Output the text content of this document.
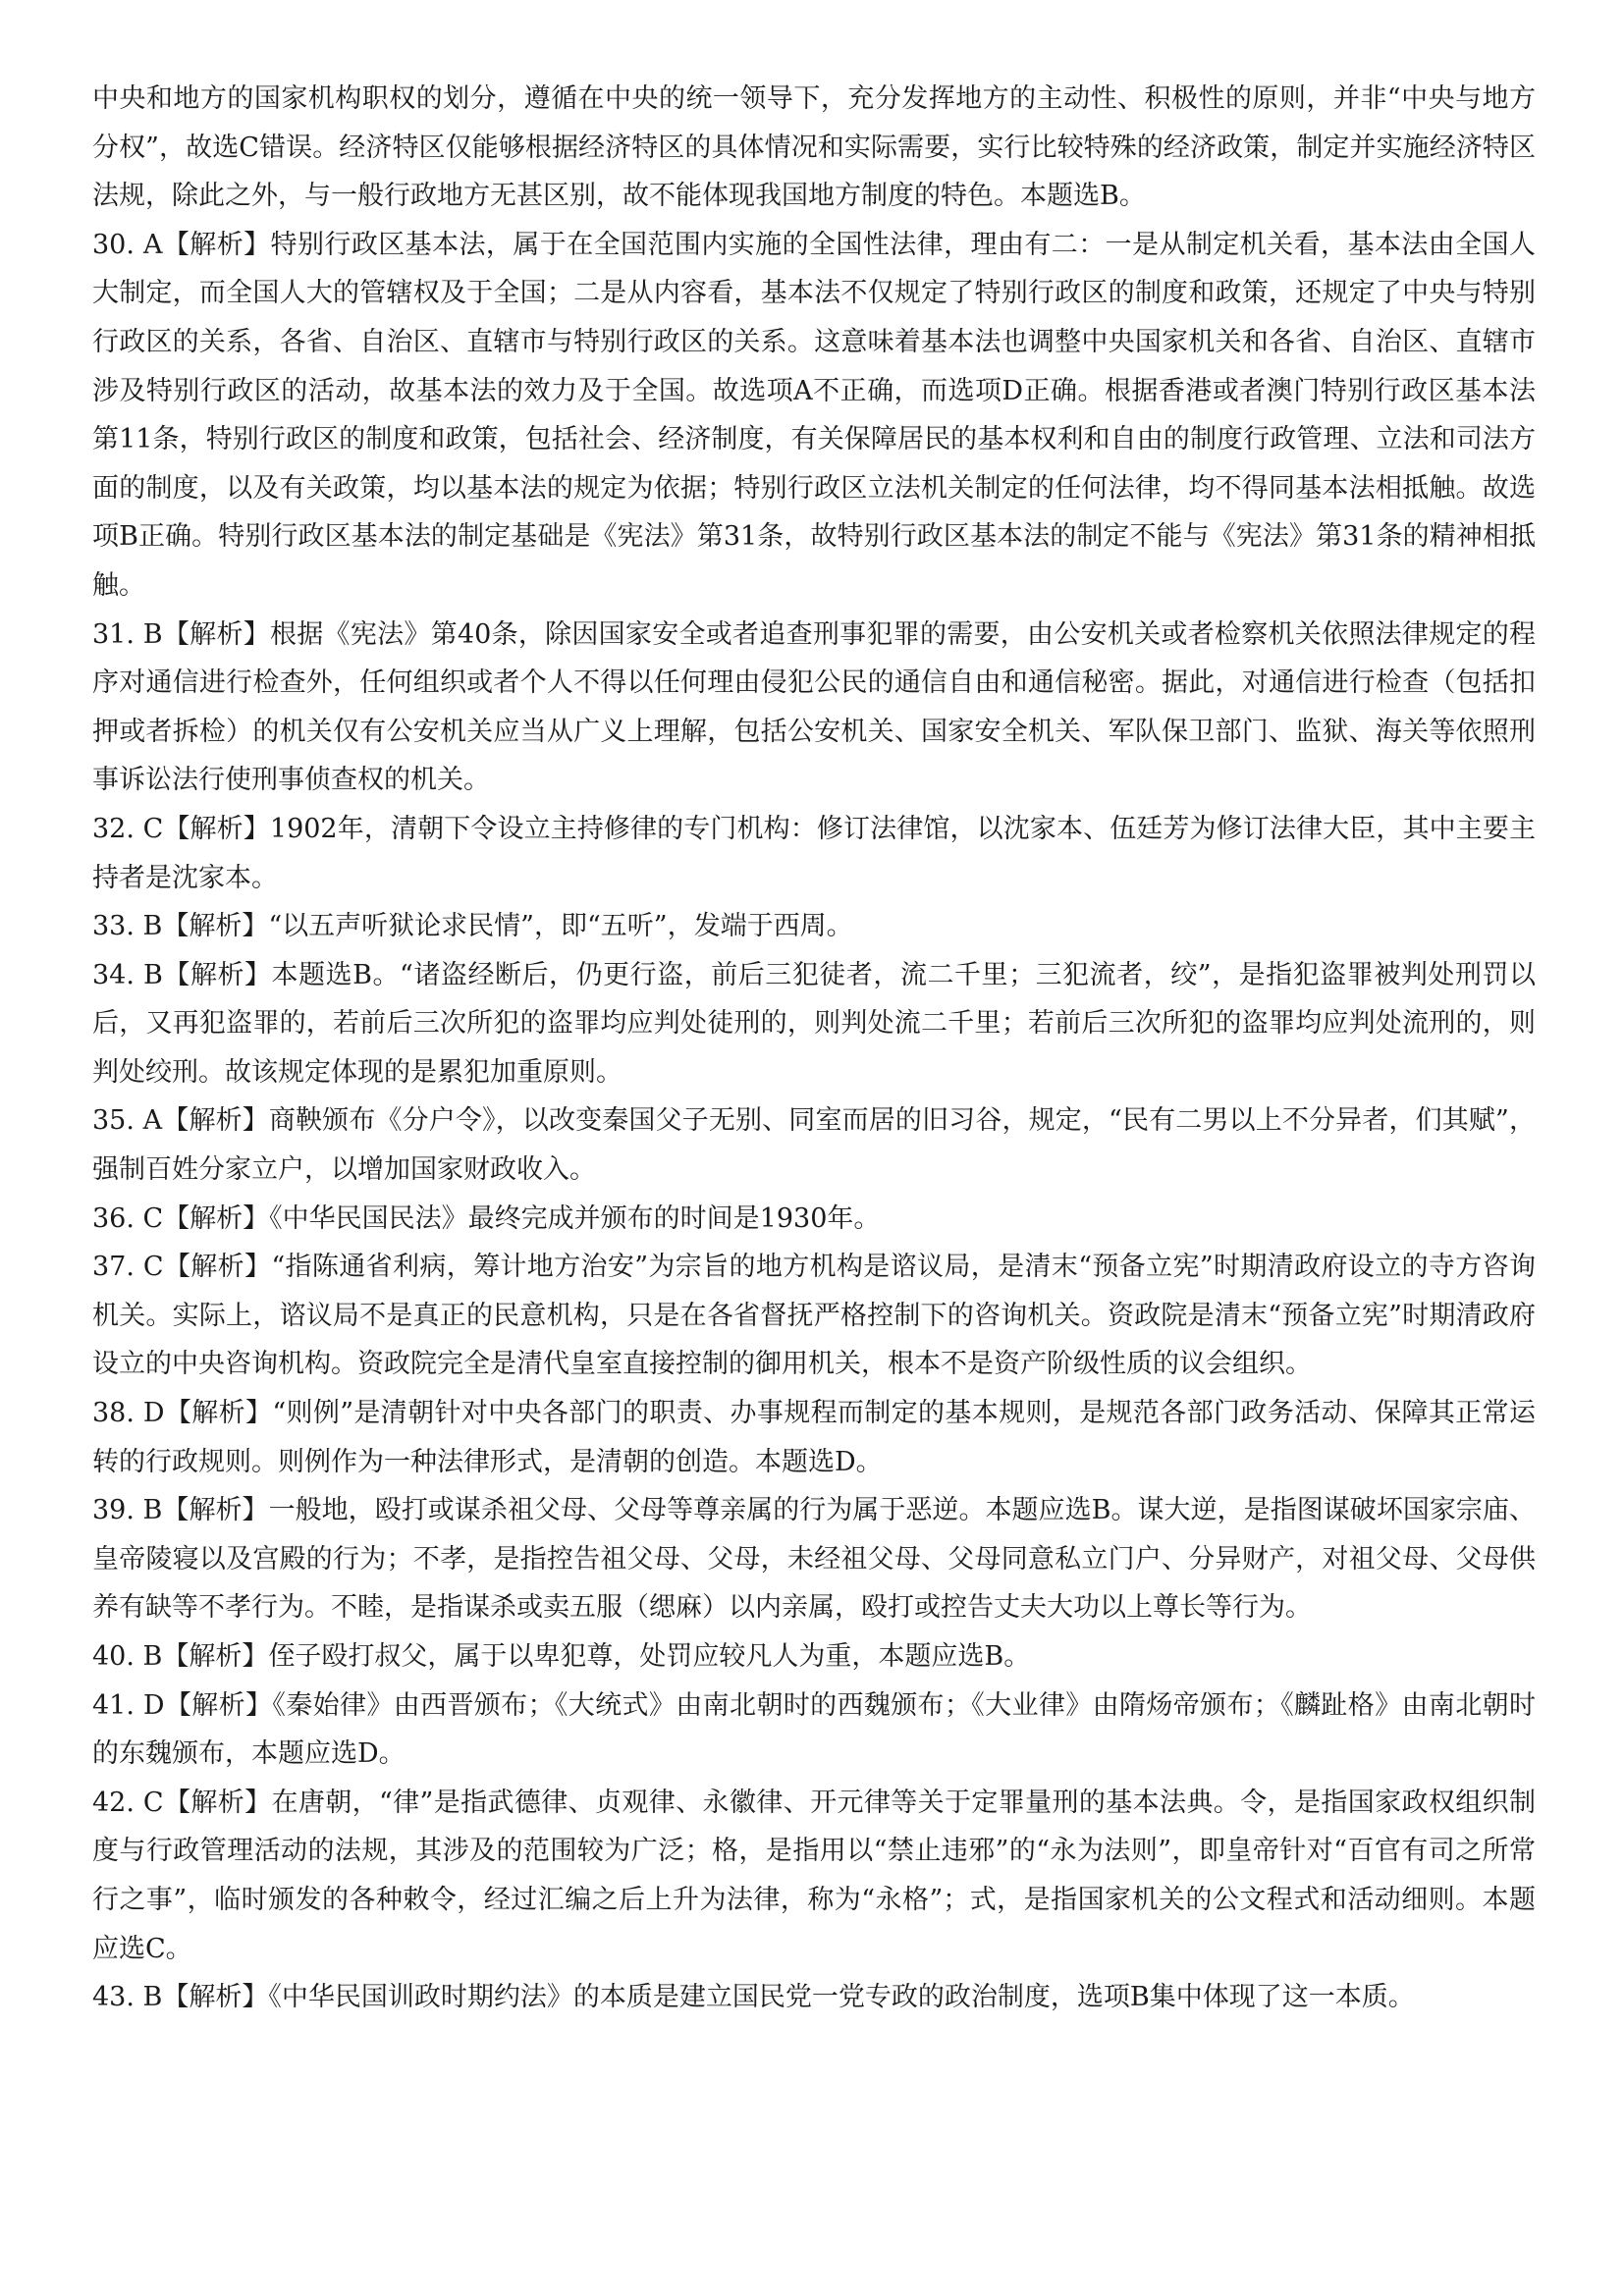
中央和地方的国家机构职权的划分，遵循在中央的统一领导下，充分发挥地方的主动性、积极性的原则，并非“中央与地方分权”，故选C错误。经济特区仅能够根据经济特区的具体情况和实际需要，实行比较特殊的经济政策，制定并实施经济特区法规，除此之外，与一般行政地方无甚区别，故不能体现我国地方制度的特色。本题选B。

30. A【解析】特别行政区基本法，属于在全国范围内实施的全国性法律，理由有二：一是从制定机关看，基本法由全国人大制定，而全国人大的管辖权及于全国；二是从内容看，基本法不仅规定了特别行政区的制度和政策，还规定了中央与特别行政区的关系，各省、自治区、直辖市与特别行政区的关系。这意味着基本法也调整中央国家机关和各省、自治区、直辖市涉及特别行政区的活动，故基本法的效力及于全国。故选项A不正确，而选项D正确。根据香港或者澳门特别行政区基本法第11条，特别行政区的制度和政策，包括社会、经济制度，有关保障居民的基本权利和自由的制度行政管理、立法和司法方面的制度，以及有关政策，均以基本法的规定为依据；特别行政区立法机关制定的任何法律，均不得同基本法相抵触。故选项B正确。特别行政区基本法的制定基础是《宪法》第31条，故特别行政区基本法的制定不能与《宪法》第31条的精神相抵触。

31. B【解析】根据《宪法》第40条，除因国家安全或者追查刑事犯罪的需要，由公安机关或者检察机关依照法律规定的程序对通信进行检查外，任何组织或者个人不得以任何理由侵犯公民的通信自由和通信秘密。据此，对通信进行检查（包括扣押或者拆检）的机关仅有公安机关应当从广义上理解，包括公安机关、国家安全机关、军队保卫部门、监狱、海关等依照刑事诉讼法行使刑事侦查权的机关。

32. C【解析】1902年，清朝下令设立主持修律的专门机构：修订法律馆，以沈家本、伍廷芳为修订法律大臣，其中主要主持者是沈家本。

33. B【解析】“以五声听狱论求民情”，即“五听”，发端于西周。

34. B【解析】本题选B。“诸盗经断后，仍更行盗，前后三犯徒者，流二千里；三犯流者，绞”，是指犯盗罪被判处刑罚以后，又再犯盗罪的，若前后三次所犯的盗罪均应判处徒刑的，则判处流二千里；若前后三次所犯的盗罪均应判处流刑的，则判处绞刑。故该规定体现的是累犯加重原则。

35. A【解析】商鞅颁布《分户令》，以改变秦国父子无别、同室而居的旧习谷，规定，“民有二男以上不分异者，们其赋”，强制百姓分家立户，以增加国家财政收入。

36. C【解析】《中华民国民法》最终完成并颁布的时间是1930年。

37. C【解析】“指陈通省利病，筹计地方治安”为宗旨的地方机构是谘议局，是清末“预备立宪”时期清政府设立的寺方咨询机关。实际上，谘议局不是真正的民意机构，只是在各省督抚严格控制下的咨询机关。资政院是清末“预备立宪”时期清政府设立的中央咨询机构。资政院完全是清代皇室直接控制的御用机关，根本不是资产阶级性质的议会组织。

38. D【解析】“则例”是清朝针对中央各部门的职责、办事规程而制定的基本规则，是规范各部门政务活动、保障其正常运转的行政规则。则例作为一种法律形式，是清朝的创造。本题选D。

39. B【解析】一般地，殴打或谋杀祖父母、父母等尊亲属的行为属于恶逆。本题应选B。谋大逆，是指图谋破坏国家宗庙、皇帝陵寝以及宫殿的行为；不孝，是指控告祖父母、父母，未经祖父母、父母同意私立门户、分异财产，对祖父母、父母供养有缺等不孝行为。不睦，是指谋杀或卖五服（缌麻）以内亲属，殴打或控告丈夫大功以上尊长等行为。

40. B【解析】侄子殴打叔父，属于以卑犯尊，处罚应较凡人为重，本题应选B。

41. D【解析】《秦始律》由西晋颁布；《大统式》由南北朝时的西魏颁布；《大业律》由隋炀帝颁布；《麟趾格》由南北朝时的东魏颁布，本题应选D。

42. C【解析】在唐朝，“律”是指武德律、贞观律、永徽律、开元律等关于定罪量刑的基本法典。令，是指国家政权组织制度与行政管理活动的法规，其涉及的范围较为广泛；格，是指用以“禁止违邪”的“永为法则”，即皇帝针对“百官有司之所常行之事”，临时颁发的各种敕令，经过汇编之后上升为法律，称为“永格”；式，是指国家机关的公文程式和活动细则。本题应选C。

43. B【解析】《中华民国训政时期约法》的本质是建立国民党一党专政的政治制度，选项B集中体现了这一本质。
